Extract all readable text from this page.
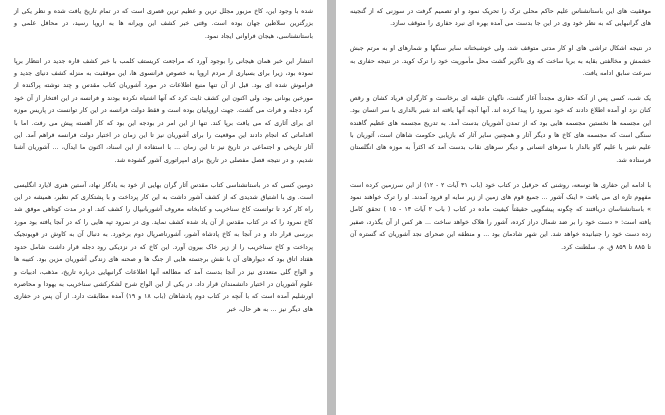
شده با وجود این، کاخ مزبور مجلل ترین و عظیم ترین قصری است که در تمام تاریخ یافت شده و نظر یکی از بزرگترین سلاطین جهان بوده است. وقتی خبر کشف این ویرانه ها به اروپا رسید، در محافل علمی و باستانشناسی، هیجان فراوانی ایجاد نمود.

انتشار این خبر همان هیجانی را بوجود آورد که مراجعت کریستف کلمب با خبر کشف قاره جدید در انتظار برپا نموده بود، زیرا برای بسیاری از مردم اروپا به خصوص فرانسوی ها، این موفقیت به منزله کشف دنیای جدید و فراموش شده ای بود. قبل از آن تنها منبع اطلاعات در مورد آشوریان کتاب مقدس و چند نوشته پراکنده از مورخین یونانی بود، ولی اکنون این کشف ثابت کرد که آنها اشتباه نکرده بودند و فرانسه در این افتخار از آن خود گرد دجله و فرات می گشت. جهت اروپاییان بوده است و فقط دولت فرانسه در این کار توانست در پاریس موزه ای برای آثاری که می یافت برپا کند. تنها از این امر در بودجه این بود که کار آهسته پیش می رفت. اما با اقداماتی که انجام دادند این موقعیت را برای آشوریان نیز تا این زمان در اختیار دولت فرانسه فراهم آمد. این آثار تاریخی و اجتماعی در تاریخ نیز تا این زمان ... با استفاده از این اسناد، اکنون ما ایدآل، ... آشوریان آشنا شدیم، و در نتیجه فصل مفصلی در تاریخ برای امپراتوری آشور گشوده شد.

دومین کسی که در باستانشناسی کتاب مقدس آثار گران بهایی از خود به یادگار نهاد، آستین هنری لایارد انگلیسی است. وی با اشتیاق شدیدی که از کشف آشور داشت به این کار پرداخت و با پشتکاری کم نظیر، همیشه در این راه کار کرد تا توانست کاخ سناخریب و کتابخانه معروف آشوربانیپال را کشف کند. او در مدت کوتاهی موفق شد کاخ نمرود را که در کتاب مقدس از آن یاد شده کشف نماید. وی در نمرود تپه هایی را که در آنجا یافته بود مورد بررسی قرار داد و در آنجا به کاخ پادشاه آشور، آشورناصرپال دوم برخورد. به دنبال آن به کاوش در قویونجیک پرداخت و کاخ سناخریب را از زیر خاک بیرون آورد. این کاخ که در نزدیکی رود دجله قرار داشت شامل حدود هفتاد اتاق بود که دیوارهای آن با نقش برجسته هایی از جنگ ها و صحنه های زندگی آشوریان مزین بود. کتیبه ها و الواح گلی متعددی نیز در آنجا بدست آمد که مطالعه آنها اطلاعات گرانبهایی درباره تاریخ، مذهب، ادبیات و علوم آشوریان در اختیار دانشمندان قرار داد. در یکی از این الواح شرح لشکرکشی سناخریب به یهودا و محاصره اورشلیم آمده است که با آنچه در کتاب دوم پادشاهان (باب ۱۸ و ۱۹) آمده مطابقت دارد. از آن پس در حفاری های دیگر نیز ... به هر حال، خبر

موفقیت های این باستانشناس علیم حاکم محلی ترک را تحریک نمود و او تصمیم گرفت در سوزنی که از گنجینه های گرانبهایی که به نظر خود وی در این جا بدست می آمده بهره ای نبرد حفاری را متوقف سازد.

در نتیجه اشکال تراشی های او کار مدتی متوقف شد، ولی خوشبختانه سایر سنگها و شمارهای او به مرتم جبش خشمش و مخالفتی بقایه به بریا ساخت که وی ناگزیر گشت محل مأموریت خود را ترک کوید. در نتیجه حفاری به سرعت سابق ادامه یافت.

یک شب، کسی پس از آنکه حفاری مجدداً آغاز گشت، ناگهان علیقه ای برخاست و کارگران فریاد کشان و رقص کنان نزد او آمده اطلاع دادند که خود نمرود را پیدا کرده اند. آنها آنچه آنها یافته اند شیر بالداری با سر انسان بود. این مجسمه ها نخستین مجسمه هایی بود که از تمدن آشوریان بدست آمد. به تدریج مجسمه های عظیم گاهنده سنگی است که مجسمه های کاخ ها و دیگر آثار و همچنین سایر آثار که بازیابی حکومت شاهان است، آثوریان با علیم شیر یا علیم گاو بالدار با سرهای انسانی و دیگر سرهای نقاب بدست آمد که اکثراً به موزه های انگلستان فرستاده شد.

با ادامه این حفاری ها توسعه، روشنی که حرقیل در کتاب خود (باب ۳۱ آیات ۲ - ۱۲) از این سرزمین کرده است مفهوم تازه ای می یافت « اینک آشور ... جمیع قوم های زمین از زیر سایه او فرود آمدند. او را ترک خواهند نمود » باستانشناسان دریافتند که چگونه پیشگویی حقیقتاً کیفیت ماده در کتاب ( باب ۲ آیات ۱۳ - ۱۵ ) تحقق کامل یافته است: « دست خود را بر ضد شمال دراز کرده، آشور را هلاک خواهد ساخت ... هر کس از آن بگذرد، صفیر زده دست خود را جنبانیده خواهد شد. این شهر شادمان بود ... و منطقه این صحرای نجد آشوریان که گستره آن تا ۸۸۵ تا ۸۵۹ ق. م. سلطنت کرد.
